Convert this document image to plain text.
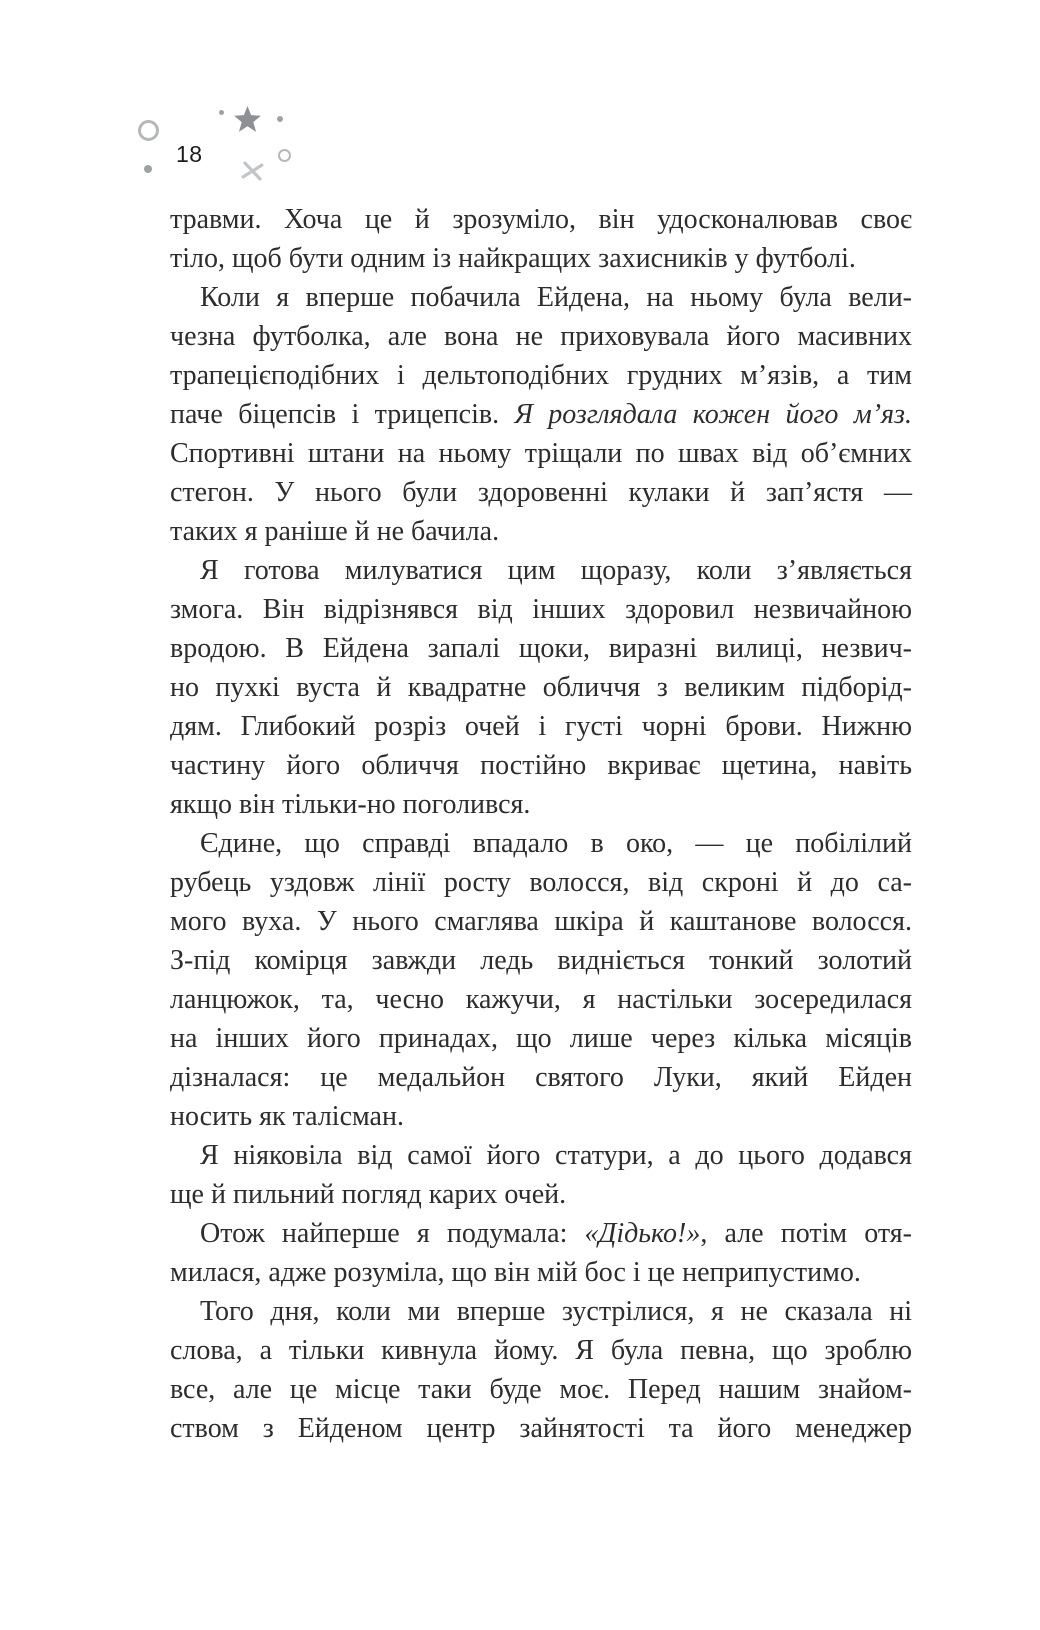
18
травми. Хоча це й зрозуміло, він удосконалював своє
тіло, щоб бути одним із найкращих захисників у футболі.
Коли я вперше побачила Ейдена, на ньому була вели-
чезна футболка, але вона не приховувала його масивних
трапецієподібних і дельтоподібних грудних м’язів, а тим
паче біцепсів і трицепсів. Я розглядала кожен його м’яз.
Спортивні штани на ньому тріщали по швах від об’ємних
стегон. У нього були здоровенні кулаки й зап’ястя —
таких я раніше й не бачила.
Я готова милуватися цим щоразу, коли з’являється
змога. Він відрізнявся від інших здоровил незвичайною
вродою. В Ейдена запалі щоки, виразні вилиці, незвич-
но пухкі вуста й квадратне обличчя з великим підборід-
дям. Глибокий розріз очей і густі чорні брови. Нижню
частину його обличчя постійно вкриває щетина, навіть
якщо він тільки-но поголився.
Єдине, що справді впадало в око, — це побілілий
рубець уздовж лінії росту волосся, від скроні й до са-
мого вуха. У нього смаглява шкіра й каштанове волосся.
З-під комірця завжди ледь видніється тонкий золотий
ланцюжок, та, чесно кажучи, я настільки зосередилася
на інших його принадах, що лише через кілька місяців
дізналася: це медальйон святого Луки, який Ейден
носить як талісман.
Я ніяковіла від самої його статури, а до цього додався
ще й пильний погляд карих очей.
Отож найперше я подумала: «Дідько!», але потім отя-
милася, адже розуміла, що він мій бос і це неприпустимо.
Того дня, коли ми вперше зустрілися, я не сказала ні
слова, а тільки кивнула йому. Я була певна, що зроблю
все, але це місце таки буде моє. Перед нашим знайом-
ством з Ейденом центр зайнятості та його менеджер
